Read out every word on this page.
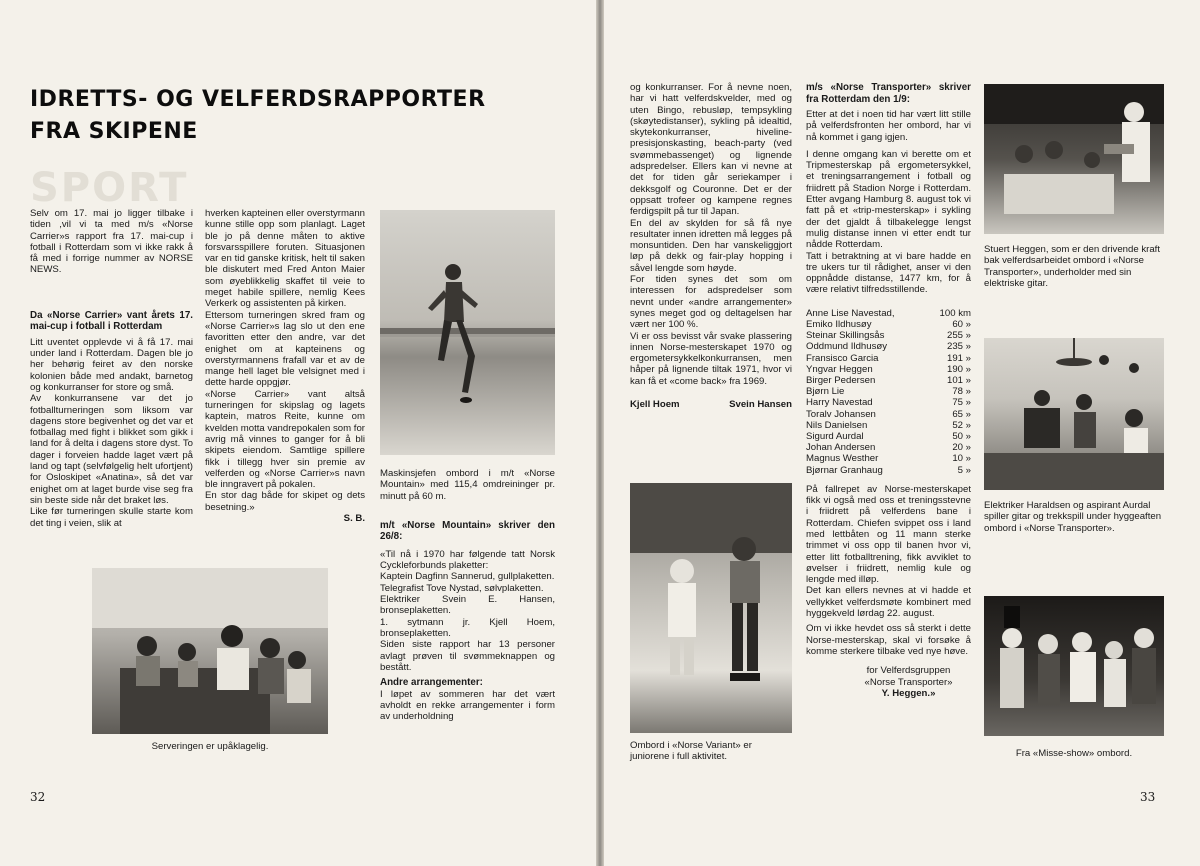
SPORT
IDRETTS- OG VELFERDSRAPPORTER
FRA SKIPENE

Selv om 17. mai jo ligger tilbake i tiden ,vil vi ta med m/s «Norse Carrier»s rapport fra 17. mai-cup i fotball i Rotterdam som vi ikke rakk å få med i forrige nummer av NORSE NEWS.

Da «Norse Carrier» vant årets 17. mai-cup i fotball i Rotterdam

Litt uventet opplevde vi å få 17. mai under land i Rotterdam. Dagen ble jo her behørig feiret av den norske kolonien både med andakt, barnetog og konkurranser for store og små.

Av konkurransene var det jo fotballturneringen som liksom var dagens store begivenhet og det var et fotballag med fight i blikket som gikk i land for å delta i dagens store dyst. To dager i forveien hadde laget vært på land og tapt (selvfølgelig helt ufortjent) for Osloskipet «Anatina», så det var enighet om at laget burde vise seg fra sin beste side når det braket løs.

Like før turneringen skulle starte kom det ting i veien, slik at

hverken kapteinen eller overstyrmann kunne stille opp som planlagt. Laget ble jo på denne måten to aktive forsvarsspillere foruten. Situasjonen var en tid ganske kritisk, helt til saken ble diskutert med Fred Anton Maier som øyeblikkelig skaffet til veie to meget habile spillere, nemlig Kees Verkerk og assistenten på kirken.

Ettersom turneringen skred fram og «Norse Carrier»s lag slo ut den ene favoritten etter den andre, var det enighet om at kapteinens og overstyrmannens frafall var et av de mange hell laget ble velsignet med i dette harde oppgjør.

«Norse Carrier» vant altså turneringen for skipslag og lagets kaptein, matros Reite, kunne om kvelden motta vandrepokalen som for avrig må vinnes to ganger for å bli skipets eiendom. Samtlige spillere fikk i tillegg hver sin premie av velferden og «Norse Carrier»s navn ble inngravert på pokalen.

En stor dag både for skipet og dets besetning.»

S. B.

Maskinsjefen ombord i m/t «Norse Mountain» med 115,4 omdreininger pr. minutt på 60 m.

m/t «Norse Mountain» skriver den 26/8:

«Til nå i 1970 har følgende tatt Norsk Cyckleforbunds plaketter:

Kaptein Dagfinn Sannerud, gullplaketten.

Telegrafist Tove Nystad, sølvplaketten.

Elektriker Svein E. Hansen, bronseplaketten.

1. sytmann jr. Kjell Hoem, bronseplaketten.

Siden siste rapport har 13 personer avlagt prøven til svømmeknappen og bestått.

Andre arrangementer:

I løpet av sommeren har det vært avholdt en rekke arrangementer i form av underholdning

Serveringen er upåklagelig.
32

og konkurranser. For å nevne noen, har vi hatt velferdskvelder, med og uten Bingo, rebusløp, tempsykling (skøytedistanser), sykling på idealtid, skytekonkurranser, hiveline-presisjonskasting, beach-party (ved svømmebassenget) og lignende adspredelser. Ellers kan vi nevne at det for tiden går seriekamper i dekksgolf og Couronne. Det er der oppsatt trofeer og kampene regnes ferdigspilt på tur til Japan.

En del av skylden for så få nye resultater innen idretten må legges på monsuntiden. Den har vanskeliggjort løp på dekk og fair-play hopping i såvel lengde som høyde.

For tiden synes det som om interessen for adspredelser som nevnt under «andre arrangementer» synes meget god og deltagelsen har vært ner 100 %.

Vi er oss bevisst vår svake plassering innen Norse-mesterskapet 1970 og ergometersykkelkonkurransen, men håper på lignende tiltak 1971, hvor vi kan få et «come back» fra 1969.

Kjell Hoem	Svein Hansen
Ombord i «Norse Variant» er juniorene i full aktivitet.

m/s «Norse Transporter» skriver fra Rotterdam den 1/9:

Etter at det i noen tid har vært litt stille på velferdsfronten her ombord, har vi nå kommet i gang igjen.

I denne omgang kan vi berette om et Tripmesterskap på ergometersykkel, et treningsarrangement i fotball og friidrett på Stadion Norge i Rotterdam. Etter avgang Hamburg 8. august tok vi fatt på et «trip-mesterskap» i sykling der det gjaldt å tilbakelegge lengst mulig distanse innen vi etter endt tur nådde Rotterdam.

Tatt i betraktning at vi bare hadde en tre ukers tur til rådighet, anser vi den oppnådde distanse, 1477 km, for å være relativt tilfredsstillende.

Anne Lise Navestad,	100 km
Emiko Ildhusøy	60 »
Steinar Skillingsås	255 »
Oddmund Ildhusøy	235 »
Fransisco Garcia	191 »
Yngvar Heggen	190 »
Birger Pedersen	101 »
Bjørn Lie	78 »
Harry Navestad	75 »
Toralv Johansen	65 »
Nils Danielsen	52 »
Sigurd Aurdal	50 »
Johan Andersen	20 »
Magnus Westher	10 »
Bjørnar Granhaug	5 »

På fallrepet av Norse-mesterskapet fikk vi også med oss et treningsstevne i friidrett på velferdens bane i Rotterdam. Chiefen svippet oss i land med lettbåten og 11 mann sterke trimmet vi oss opp til banen hvor vi, etter litt fotballtrening, fikk avviklet to øvelser i friidrett, nemlig kule og lengde med illøp.

Det kan ellers nevnes at vi hadde et vellykket velferdsmøte kombinert med hyggekveld lørdag 22. august.

Om vi ikke hevdet oss så sterkt i dette Norse-mesterskap, skal vi forsøke å komme sterkere tilbake ved nye høve.

for Velferdsgruppen
«Norse Transporter»
Y. Heggen.»
Stuert Heggen, som er den drivende kraft bak velferdsarbeidet ombord i «Norse Transporter», underholder med sin elektriske gitar.
Elektriker Haraldsen og aspirant Aurdal spiller gitar og trekkspill under hyggeaften ombord i «Norse Transporter».
Fra «Misse-show» ombord.
33
